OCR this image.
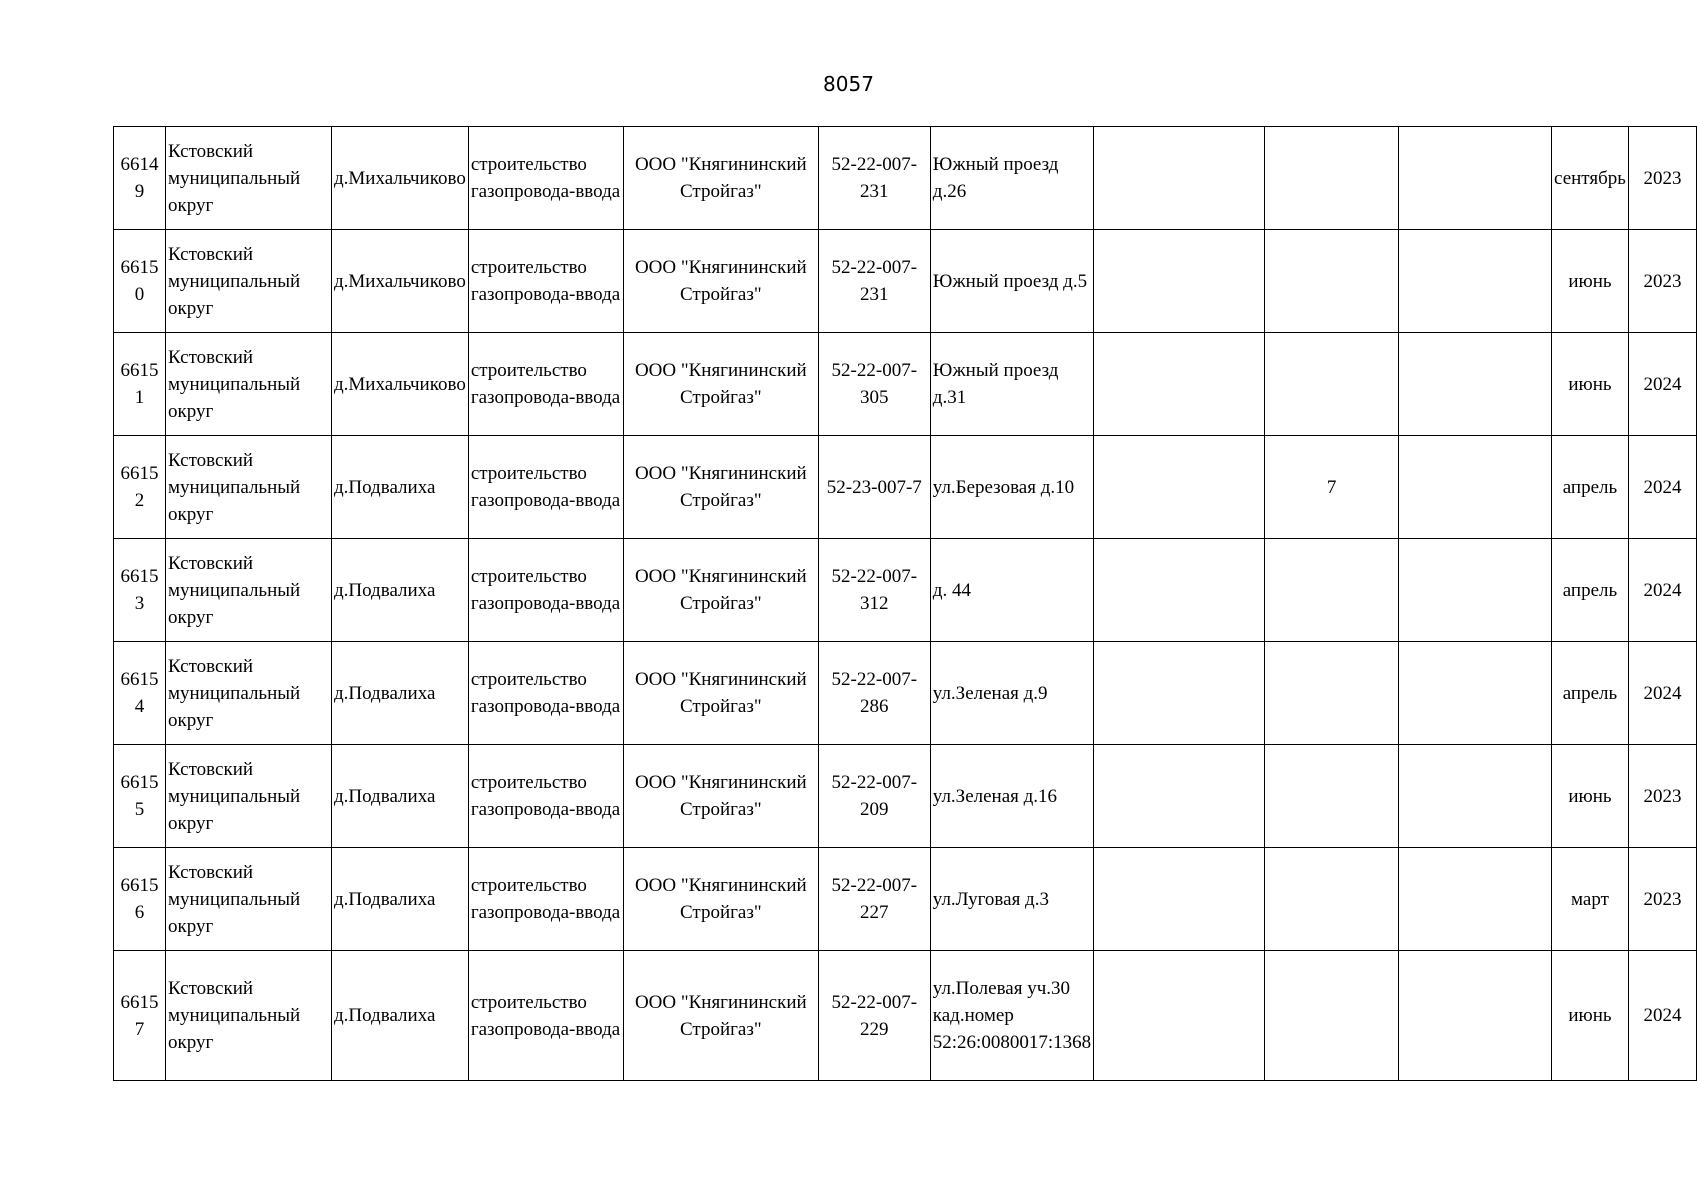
8057
66149	Кстовский муниципальный округ	д.Михальчиково	строительство газопровода-ввода	ООО "Княгининский Стройгаз"	52-22-007-231	Южный проезд д.26				сентябрь	2023
66150	Кстовский муниципальный округ	д.Михальчиково	строительство газопровода-ввода	ООО "Княгининский Стройгаз"	52-22-007-231	Южный проезд д.5				июнь	2023
66151	Кстовский муниципальный округ	д.Михальчиково	строительство газопровода-ввода	ООО "Княгининский Стройгаз"	52-22-007-305	Южный проезд д.31				июнь	2024
66152	Кстовский муниципальный округ	д.Подвалиха	строительство газопровода-ввода	ООО "Княгининский Стройгаз"	52-23-007-7	ул.Березовая д.10		7		апрель	2024
66153	Кстовский муниципальный округ	д.Подвалиха	строительство газопровода-ввода	ООО "Княгининский Стройгаз"	52-22-007-312	д. 44				апрель	2024
66154	Кстовский муниципальный округ	д.Подвалиха	строительство газопровода-ввода	ООО "Княгининский Стройгаз"	52-22-007-286	ул.Зеленая д.9				апрель	2024
66155	Кстовский муниципальный округ	д.Подвалиха	строительство газопровода-ввода	ООО "Княгининский Стройгаз"	52-22-007-209	ул.Зеленая д.16				июнь	2023
66156	Кстовский муниципальный округ	д.Подвалиха	строительство газопровода-ввода	ООО "Княгининский Стройгаз"	52-22-007-227	ул.Луговая д.3				март	2023
66157	Кстовский муниципальный округ	д.Подвалиха	строительство газопровода-ввода	ООО "Княгининский Стройгаз"	52-22-007-229	ул.Полевая уч.30 кад.номер 52:26:0080017:1368				июнь	2024
